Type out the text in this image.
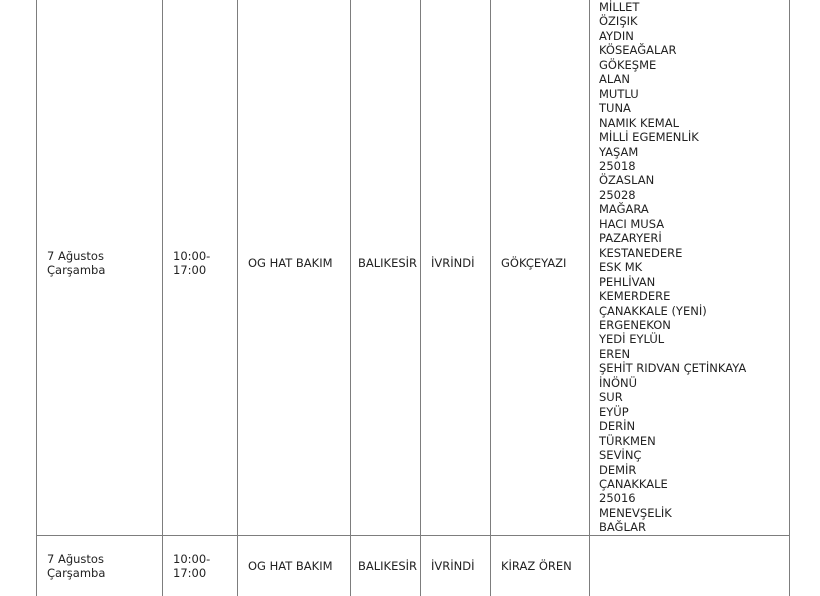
7 Ağustos
Çarşamba
10:00-
17:00	OG HAT BAKIM BALIKESİR İVRİNDİ GÖKÇEYAZI
MİLLET
ÖZIŞIK
AYDIN
KÖSEAĞALAR
GÖKEŞME
ALAN
MUTLU
TUNA
NAMIK KEMAL
MİLLİ EGEMENLİK
YAŞAM
25018
ÖZASLAN
25028
MAĞARA
HACI MUSA
PAZARYERİ
KESTANEDERE
ESK MK
PEHLİVAN
KEMERDERE
ÇANAKKALE (YENİ)
ERGENEKON
YEDİ EYLÜL
EREN
ŞEHİT RIDVAN ÇETİNKAYA
İNÖNÜ
SUR
EYÜP
DERİN
TÜRKMEN
SEVİNÇ
DEMİR
ÇANAKKALE
25016
MENEVŞELİK
BAĞLAR
7 Ağustos
Çarşamba
10:00-
17:00	OG HAT BAKIM BALIKESİR İVRİNDİ KİRAZ ÖREN
